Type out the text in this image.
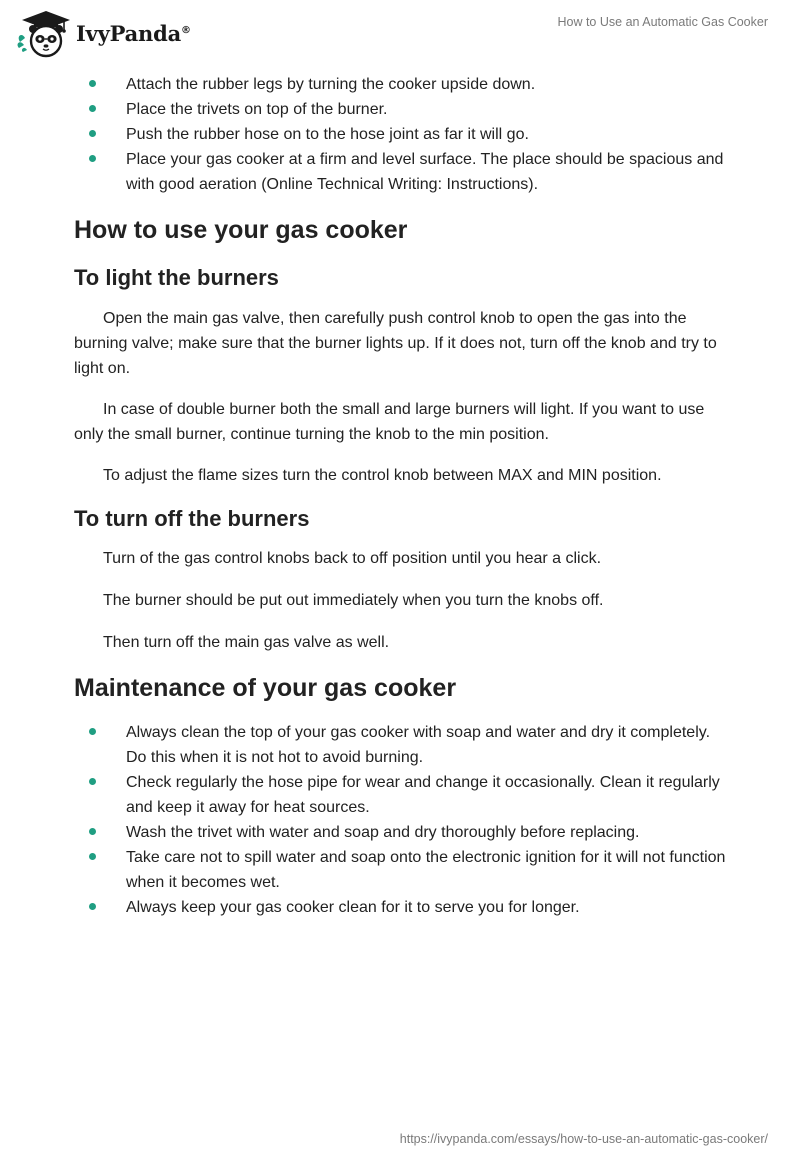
IvyPanda®
How to Use an Automatic Gas Cooker
Attach the rubber legs by turning the cooker upside down.
Place the trivets on top of the burner.
Push the rubber hose on to the hose joint as far it will go.
Place your gas cooker at a firm and level surface. The place should be spacious and with good aeration (Online Technical Writing: Instructions).
How to use your gas cooker
To light the burners

Open the main gas valve, then carefully push control knob to open the gas into the burning valve; make sure that the burner lights up. If it does not, turn off the knob and try to light on.

In case of double burner both the small and large burners will light. If you want to use only the small burner, continue turning the knob to the min position.

To adjust the flame sizes turn the control knob between MAX and MIN position.

To turn off the burners

Turn of the gas control knobs back to off position until you hear a click.

The burner should be put out immediately when you turn the knobs off.

Then turn off the main gas valve as well.

Maintenance of your gas cooker
Always clean the top of your gas cooker with soap and water and dry it completely. Do this when it is not hot to avoid burning.
Check regularly the hose pipe for wear and change it occasionally. Clean it regularly and keep it away for heat sources.
Wash the trivet with water and soap and dry thoroughly before replacing.
Take care not to spill water and soap onto the electronic ignition for it will not function when it becomes wet.
Always keep your gas cooker clean for it to serve you for longer.
https://ivypanda.com/essays/how-to-use-an-automatic-gas-cooker/
